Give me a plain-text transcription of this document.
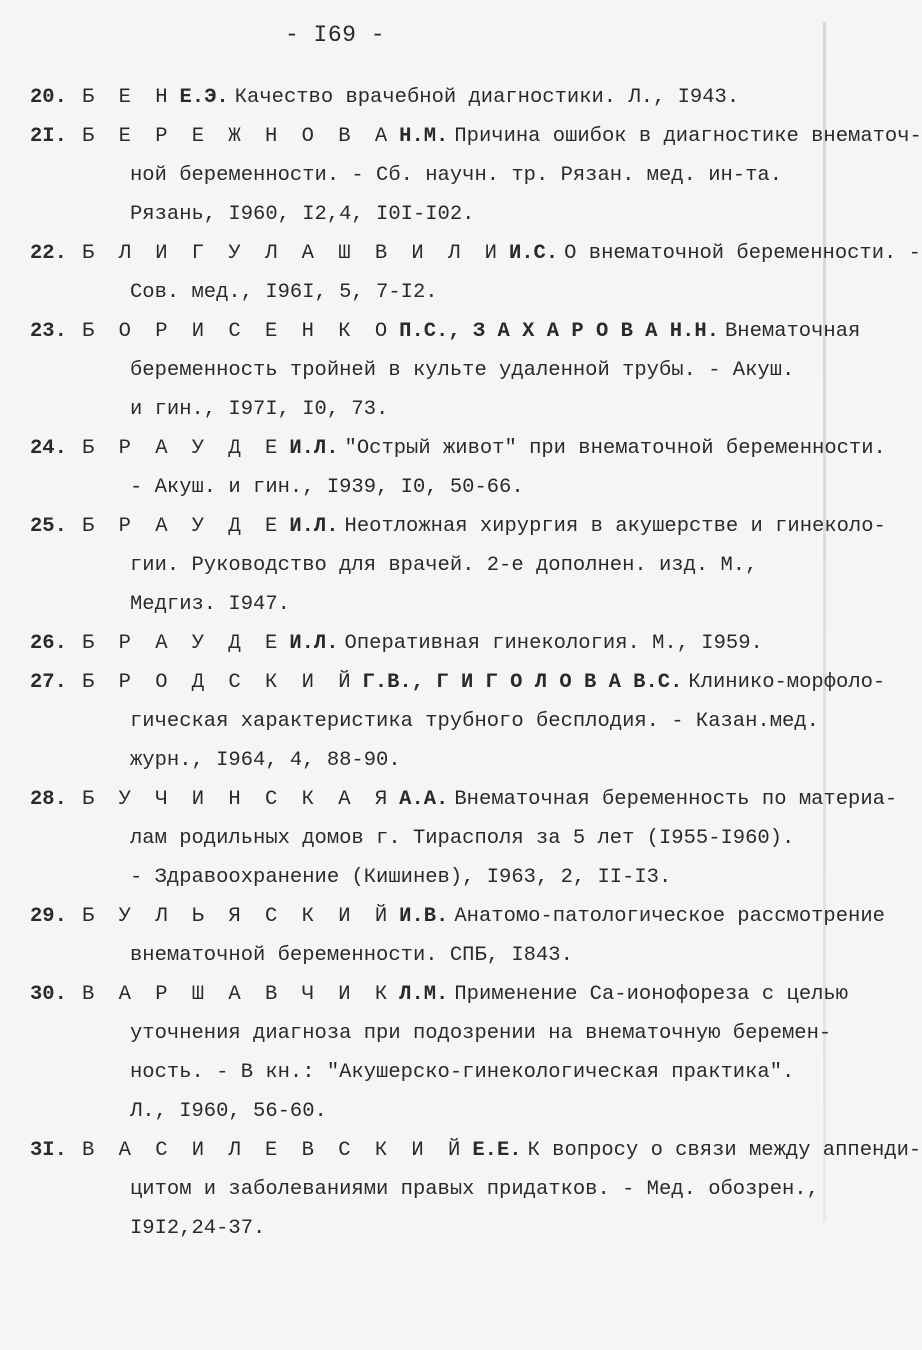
- I69 -
20. Б Е Н Е.Э. Качество врачебной диагностики. Л., I943.
2I. Б Е Р Е Ж Н О В А Н.М. Причина ошибок в диагностике внематоч-
ной беременности. - Сб. научн. тр. Рязан. мед. ин-та.
Рязань, I960, I2,4, I0I-I02.
22. Б Л И Г У Л А Ш В И Л И И.С. О внематочной беременности. -
Сов. мед., I96I, 5, 7-I2.
23. Б О Р И С Е Н К О П.С., З А Х А Р О В А Н.Н. Внематочная
беременность тройней в культе удаленной трубы. - Акуш.
и гин., I97I, I0, 73.
24. Б Р А У Д Е И.Л. "Острый живот" при внематочной беременности.
- Акуш. и гин., I939, I0, 50-66.
25. Б Р А У Д Е И.Л. Неотложная хирургия в акушерстве и гинеколо-
гии. Руководство для врачей. 2-е дополнен. изд. М.,
Медгиз. I947.
26. Б Р А У Д Е И.Л. Оперативная гинекология. М., I959.
27. Б Р О Д С К И Й Г.В., Г И Г О Л О В А В.С. Клинико-морфоло-
гическая характеристика трубного бесплодия. - Казан.мед.
журн., I964, 4, 88-90.
28. Б У Ч И Н С К А Я А.А. Внематочная беременность по материа-
лам родильных домов г. Тирасполя за 5 лет (I955-I960).
- Здравоохранение (Кишинев), I963, 2, II-I3.
29. Б У Л Ь Я С К И Й И.В. Анатомо-патологическое рассмотрение
внематочной беременности. СПБ, I843.
30. В А Р Ш А В Ч И К Л.М. Применение Са-ионофореза с целью
уточнения диагноза при подозрении на внематочную беремен-
ность. - В кн.: "Акушерско-гинекологическая практика".
Л., I960, 56-60.
3I. В А С И Л Е В С К И Й Е.Е. К вопросу о связи между аппенди-
цитом и заболеваниями правых придатков. - Мед. обозрен.,
I9I2,24-37.
